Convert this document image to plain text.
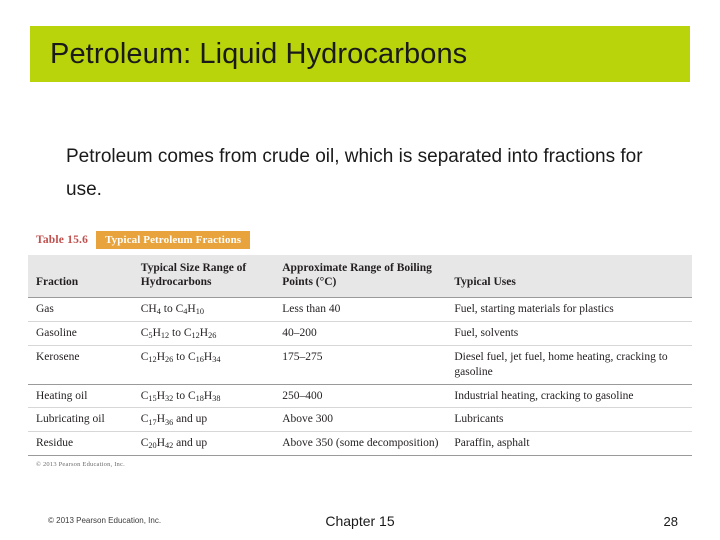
Petroleum: Liquid Hydrocarbons
Petroleum comes from crude oil, which is separated into fractions for use.
Table 15.6	Typical Petroleum Fractions
Fraction	Typical Size Range of Hydrocarbons	Approximate Range of Boiling Points (°C)	Typical Uses
Gas	$CH_4$ to $C_4H_{10}$	Less than 40	Fuel, starting materials for plastics
Gasoline	$C_5H_{12}$ to $C_{12}H_{26}$	40–200	Fuel, solvents
Kerosene	$C_{12}H_{26}$ to $C_{16}H_{34}$	175–275	Diesel fuel, jet fuel, home heating, cracking to gasoline
Heating oil	$C_{15}H_{32}$ to $C_{18}H_{38}$	250–400	Industrial heating, cracking to gasoline
Lubricating oil	$C_{17}H_{36}$ and up	Above 300	Lubricants
Residue	$C_{20}H_{42}$ and up	Above 350 (some decomposition)	Paraffin, asphalt
© 2013 Pearson Education, Inc.
© 2013 Pearson Education, Inc.	Chapter 15	28
